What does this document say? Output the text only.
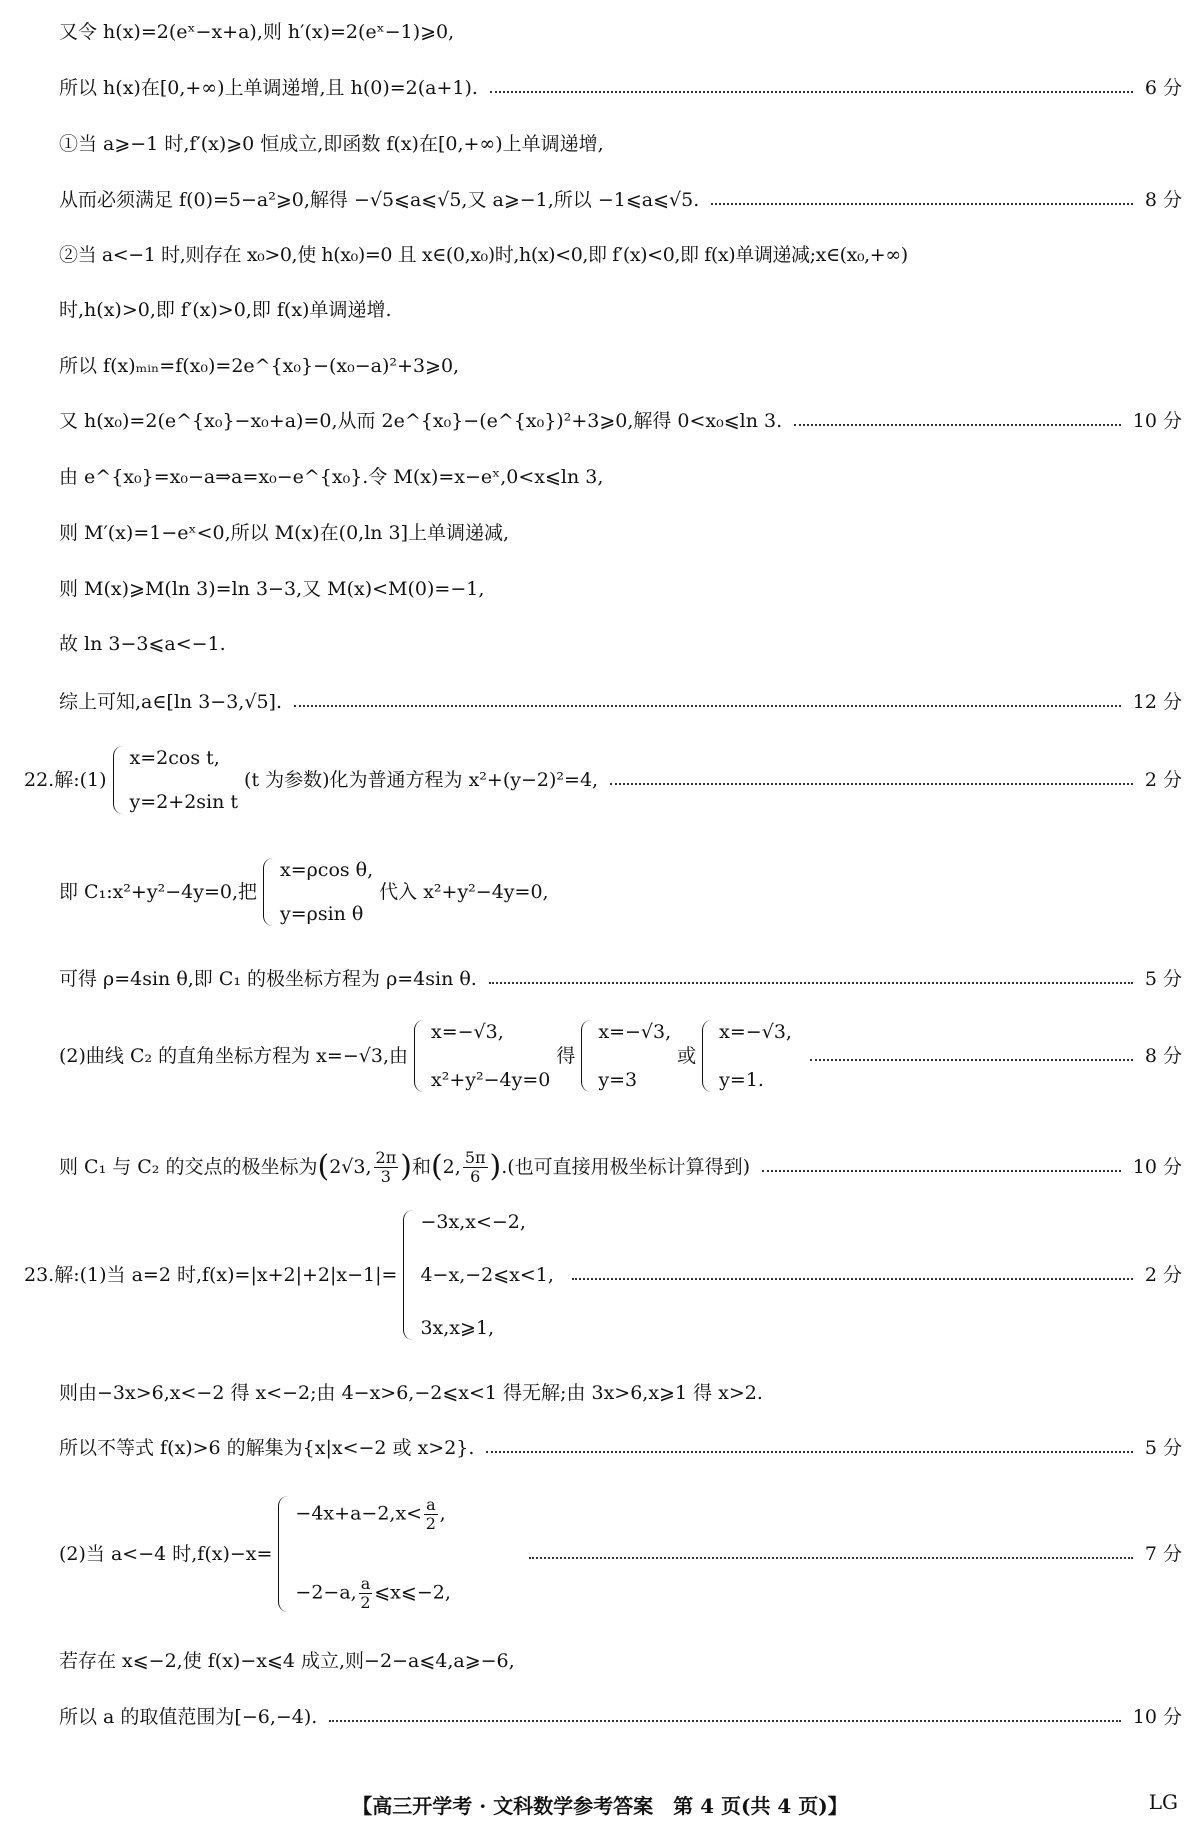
又令 h(x)=2(eˣ−x+a),则 h′(x)=2(eˣ−1)⩾0,
所以 h(x)在[0,+∞)上单调递增,且 h(0)=2(a+1).	6 分
①当 a⩾−1 时,f′(x)⩾0 恒成立,即函数 f(x)在[0,+∞)上单调递增,
从而必须满足 f(0)=5−a²⩾0,解得 −√5⩽a⩽√5,又 a⩾−1,所以 −1⩽a⩽√5.	8 分
②当 a<−1 时,则存在 x₀>0,使 h(x₀)=0 且 x∈(0,x₀)时,h(x)<0,即 f′(x)<0,即 f(x)单调递减;x∈(x₀,+∞)
时,h(x)>0,即 f′(x)>0,即 f(x)单调递增.
所以 f(x)ₘᵢₙ=f(x₀)=2e^{x₀}−(x₀−a)²+3⩾0,
又 h(x₀)=2(e^{x₀}−x₀+a)=0,从而 2e^{x₀}−(e^{x₀})²+3⩾0,解得 0<x₀⩽ln 3.	10 分
由 e^{x₀}=x₀−a⇒a=x₀−e^{x₀}.令 M(x)=x−eˣ,0<x⩽ln 3,
则 M′(x)=1−eˣ<0,所以 M(x)在(0,ln 3]上单调递减,
则 M(x)⩾M(ln 3)=ln 3−3,又 M(x)<M(0)=−1,
故 ln 3−3⩽a<−1.
综上可知,a∈[ln 3−3,√5].	12 分
22.解:(1)
x=2cos t,
y=2+2sin t
(t 为参数)化为普通方程为 x²+(y−2)²=4,	2 分
即 C₁:x²+y²−4y=0,把
x=ρcos θ,
y=ρsin θ
代入 x²+y²−4y=0,
可得 ρ=4sin θ,即 C₁ 的极坐标方程为 ρ=4sin θ.	5 分
(2)曲线 C₂ 的直角坐标方程为 x=−√3,由
x=−√3,
x²+y²−4y=0
得
x=−√3,
y=3
或
x=−√3,
y=1.
8 分
则 C₁ 与 C₂ 的交点的极坐标为 ( 2√3, $\frac{2\pi}{3}$ ) 和 ( 2, $\frac{5\pi}{6}$ ) .(也可直接用极坐标计算得到)	10 分
23.解:(1)当 a=2 时,f(x)=|x+2|+2|x−1|=
−3x,x<−2,
4−x,−2⩽x<1,
3x,x⩾1,
2 分
则由−3x>6,x<−2 得 x<−2;由 4−x>6,−2⩽x<1 得无解;由 3x>6,x⩾1 得 x>2.
所以不等式 f(x)>6 的解集为{x|x<−2 或 x>2}.	5 分
(2)当 a<−4 时,f(x)−x=
$-4x+a-2,x< \frac{a}{2}$ ,
−2−a, $\frac{a}{2}$ ⩽x⩽−2,
7 分
若存在 x⩽−2,使 f(x)−x⩽4 成立,则−2−a⩽4,a⩾−6,
所以 a 的取值范围为[−6,−4).	10 分
【高三开学考 · 文科数学参考答案　第 4 页(共 4 页)】	LG
